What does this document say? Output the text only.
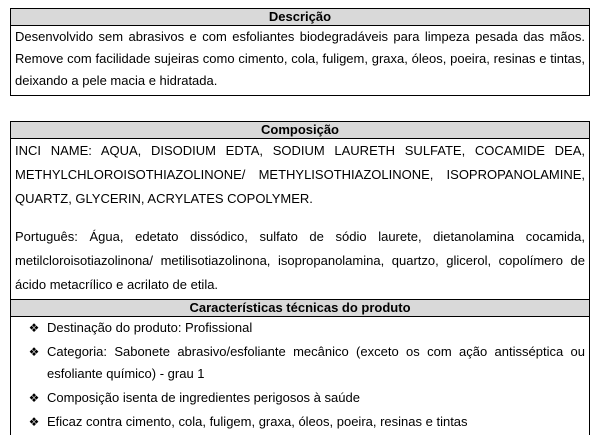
Descrição

Desenvolvido sem abrasivos e com esfoliantes biodegradáveis para limpeza pesada das mãos. Remove com facilidade sujeiras como cimento, cola, fuligem, graxa, óleos, poeira, resinas e tintas, deixando a pele macia e hidratada.

Composição

INCI NAME: AQUA, DISODIUM EDTA, SODIUM LAURETH SULFATE, COCAMIDE DEA, METHYLCHLOROISOTHIAZOLINONE/ METHYLISOTHIAZOLINONE, ISOPROPANOLAMINE, QUARTZ, GLYCERIN, ACRYLATES COPOLYMER.

Português: Água, edetato dissódico, sulfato de sódio laurete, dietanolamina cocamida, metilcloroisotiazolinona/ metilisotiazolinona, isopropanolamina, quartzo, glicerol, copolímero de ácido metacrílico e acrilato de etila.

Características técnicas do produto
❖ Destinação do produto: Profissional
❖ Categoria: Sabonete abrasivo/esfoliante mecânico (exceto os com ação antisséptica ou esfoliante químico) - grau 1
❖ Composição isenta de ingredientes perigosos à saúde
❖ Eficaz contra cimento, cola, fuligem, graxa, óleos, poeira, resinas e tintas
